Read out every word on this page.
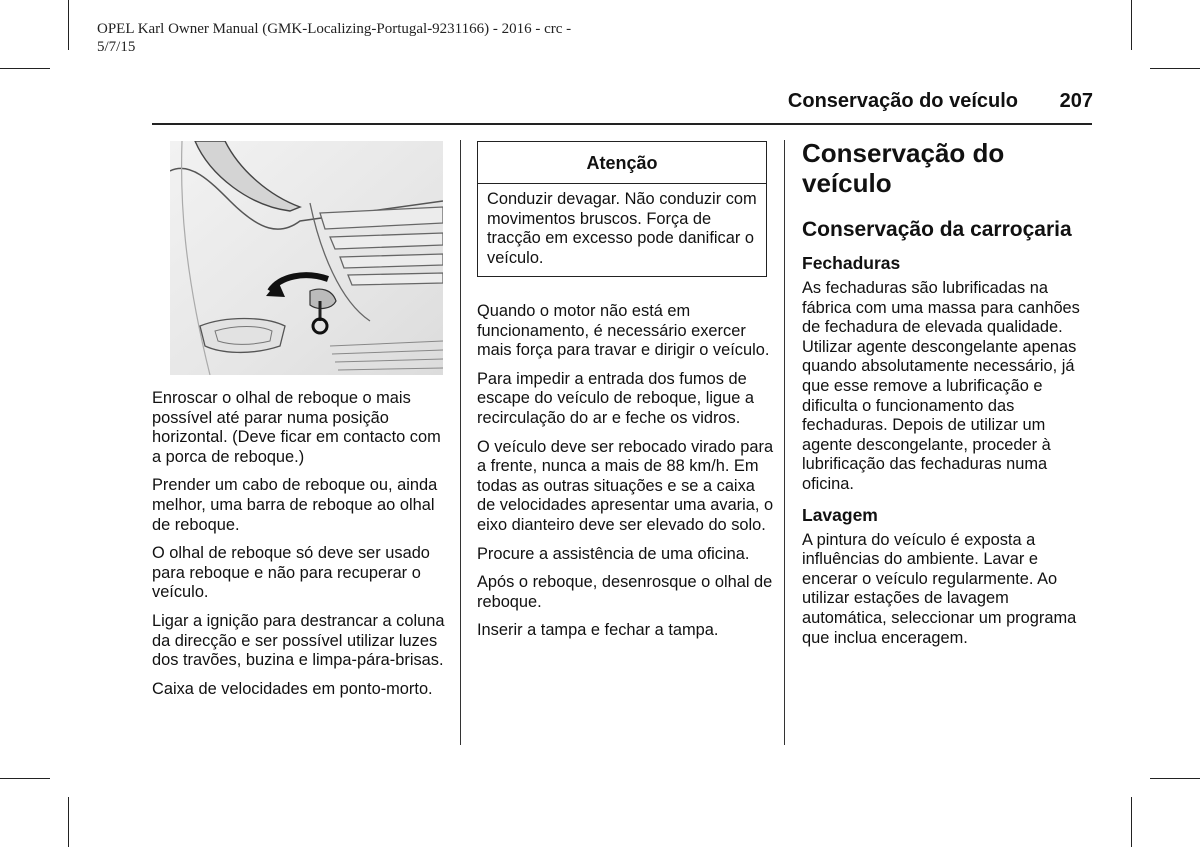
OPEL Karl Owner Manual (GMK-Localizing-Portugal-9231166) - 2016 - crc -
5/7/15
Conservação do veículo 207

Enroscar o olhal de reboque o mais possível até parar numa posição horizontal. (Deve ficar em contacto com a porca de reboque.)

Prender um cabo de reboque ou, ainda melhor, uma barra de reboque ao olhal de reboque.

O olhal de reboque só deve ser usado para reboque e não para recuperar o veículo.

Ligar a ignição para destrancar a coluna da direcção e ser possível utilizar luzes dos travões, buzina e limpa-pára-brisas.

Caixa de velocidades em ponto-morto.

Atenção
Conduzir devagar. Não conduzir com movimentos bruscos. Força de tracção em excesso pode danificar o veículo.

Quando o motor não está em funcionamento, é necessário exercer mais força para travar e dirigir o veículo.

Para impedir a entrada dos fumos de escape do veículo de reboque, ligue a recirculação do ar e feche os vidros.

O veículo deve ser rebocado virado para a frente, nunca a mais de 88 km/h. Em todas as outras situações e se a caixa de velocidades apresentar uma avaria, o eixo dianteiro deve ser elevado do solo.

Procure a assistência de uma oficina.

Após o reboque, desenrosque o olhal de reboque.

Inserir a tampa e fechar a tampa.

Conservação do veículo
Conservação da carroçaria
Fechaduras

As fechaduras são lubrificadas na fábrica com uma massa para canhões de fechadura de elevada qualidade. Utilizar agente descongelante apenas quando absolutamente necessário, já que esse remove a lubrificação e dificulta o funcionamento das fechaduras. Depois de utilizar um agente descongelante, proceder à lubrificação das fechaduras numa oficina.

Lavagem

A pintura do veículo é exposta a influências do ambiente. Lavar e encerar o veículo regularmente. Ao utilizar estações de lavagem automática, seleccionar um programa que inclua enceragem.
